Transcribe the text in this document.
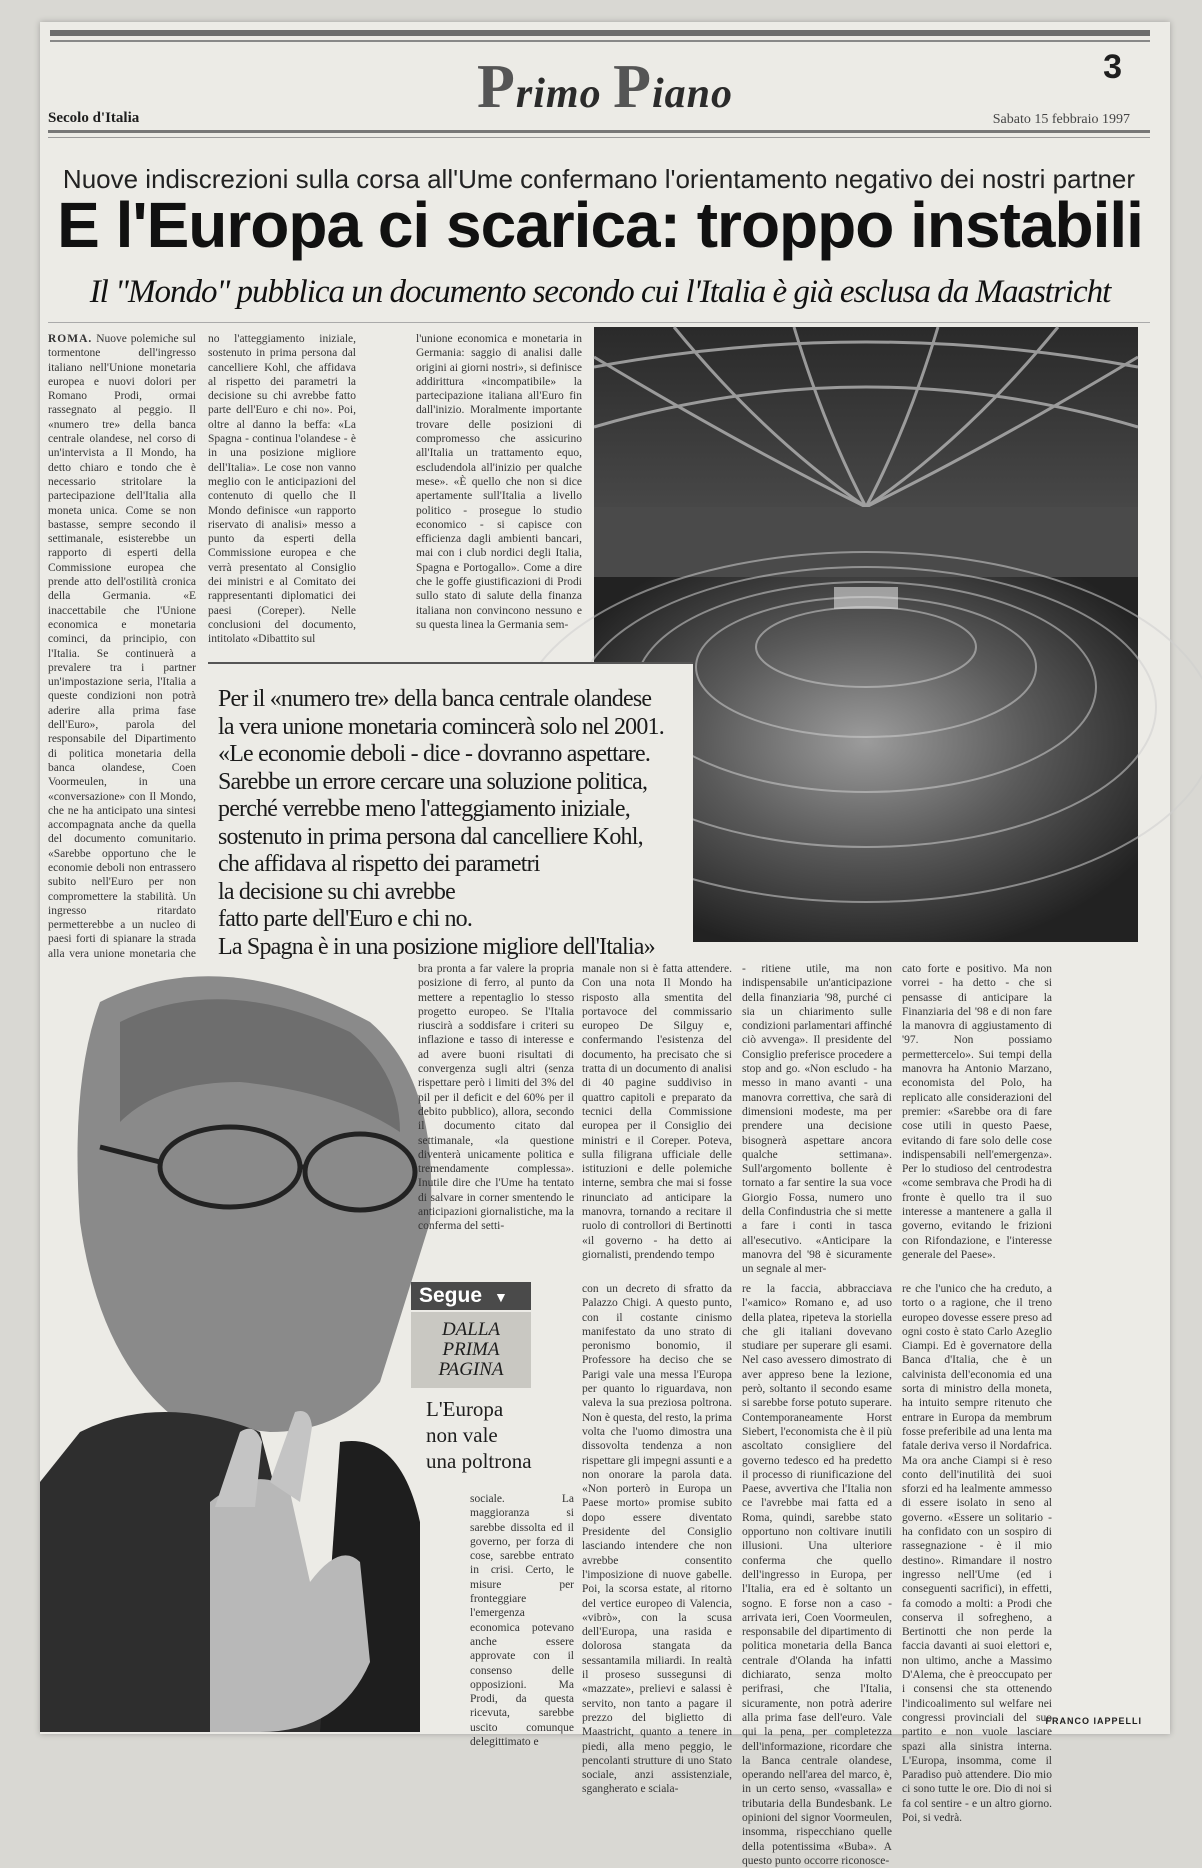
Primo Piano
3
Secolo d'Italia	Sabato 15 febbraio 1997
Nuove indiscrezioni sulla corsa all'Ume confermano l'orientamento negativo dei nostri partner
E l'Europa ci scarica: troppo instabili
Il "Mondo" pubblica un documento secondo cui l'Italia è già esclusa da Maastricht
ROMA. Nuove polemiche sul tormentone dell'ingresso italiano nell'Unione monetaria europea e nuovi dolori per Romano Prodi, ormai rassegnato al peggio. Il «numero tre» della banca centrale olandese, nel corso di un'intervista a Il Mondo, ha detto chiaro e tondo che è necessario stritolare la partecipazione dell'Italia alla moneta unica. Come se non bastasse, sempre secondo il settimanale, esisterebbe un rapporto di esperti della Commissione europea che prende atto dell'ostilità cronica della Germania. «E inaccettabile che l'Unione economica e monetaria cominci, da principio, con l'Italia. Se continuerà a prevalere tra i partner un'impostazione seria, l'Italia a queste condizioni non potrà aderire alla prima fase dell'Euro», parola del responsabile del Dipartimento di politica monetaria della banca olandese, Coen Voormeulen, in una «conversazione» con Il Mondo, che ne ha anticipato una sintesi accompagnata anche da quella del documento comunitario. «Sarebbe opportuno che le economie deboli non entrassero subito nell'Euro per non compromettere la stabilità. Un ingresso ritardato permetterebbe a un nucleo di paesi forti di spianare la strada alla vera unione monetaria che
no l'atteggiamento iniziale, sostenuto in prima persona dal cancelliere Kohl, che affidava al rispetto dei parametri la decisione su chi avrebbe fatto parte dell'Euro e chi no». Poi, oltre al danno la beffa: «La Spagna - continua l'olandese - è in una posizione migliore dell'Italia». Le cose non vanno meglio con le anticipazioni del contenuto di quello che Il Mondo definisce «un rapporto riservato di analisi» messo a punto da esperti della Commissione europea e che verrà presentato al Consiglio dei ministri e al Comitato dei rappresentanti diplomatici dei paesi (Coreper). Nelle conclusioni del documento, intitolato «Dibattito sul
l'unione economica e monetaria in Germania: saggio di analisi dalle origini ai giorni nostri», si definisce addirittura «incompatibile» la partecipazione italiana all'Euro fin dall'inizio. Moralmente importante trovare delle posizioni di compromesso che assicurino all'Italia un trattamento equo, escludendola all'inizio per qualche mese». «È quello che non si dice apertamente sull'Italia a livello politico - prosegue lo studio economico - si capisce con efficienza dagli ambienti bancari, mai con i club nordici degli Italia, Spagna e Portogallo». Come a dire che le goffe giustificazioni di Prodi sullo stato di salute della finanza italiana non convincono nessuno e su questa linea la Germania sem-
Per il «numero tre» della banca centrale olandese
la vera unione monetaria comincerà solo nel 2001.
«Le economie deboli - dice - dovranno aspettare.
Sarebbe un errore cercare una soluzione politica,
perché verrebbe meno l'atteggiamento iniziale,
sostenuto in prima persona dal cancelliere Kohl,
che affidava al rispetto dei parametri
la decisione su chi avrebbe
fatto parte dell'Euro e chi no.
La Spagna è in una posizione migliore dell'Italia»
bra pronta a far valere la propria posizione di ferro, al punto da mettere a repentaglio lo stesso progetto europeo. Se l'Italia riuscirà a soddisfare i criteri su inflazione e tasso di interesse e ad avere buoni risultati di convergenza sugli altri (senza rispettare però i limiti del 3% del pil per il deficit e del 60% per il debito pubblico), allora, secondo il documento citato dal settimanale, «la questione diventerà unicamente politica e tremendamente complessa». Inutile dire che l'Ume ha tentato di salvare in corner smentendo le anticipazioni giornalistiche, ma la conferma del setti-
manale non si è fatta attendere. Con una nota Il Mondo ha risposto alla smentita del portavoce del commissario europeo De Silguy e, confermando l'esistenza del documento, ha precisato che si tratta di un documento di analisi di 40 pagine suddiviso in quattro capitoli e preparato da tecnici della Commissione europea per il Consiglio dei ministri e il Coreper. Poteva, sulla filigrana ufficiale delle istituzioni e delle polemiche interne, sembra che mai si fosse rinunciato ad anticipare la manovra, tornando a recitare il ruolo di controllori di Bertinotti «il governo - ha detto ai giornalisti, prendendo tempo
- ritiene utile, ma non indispensabile un'anticipazione della finanziaria '98, purché ci sia un chiarimento sulle condizioni parlamentari affinché ciò avvenga». Il presidente del Consiglio preferisce procedere a stop and go. «Non escludo - ha messo in mano avanti - una manovra correttiva, che sarà di dimensioni modeste, ma per prendere una decisione bisognerà aspettare ancora qualche settimana». Sull'argomento bollente è tornato a far sentire la sua voce Giorgio Fossa, numero uno della Confindustria che si mette a fare i conti in tasca all'esecutivo. «Anticipare la manovra del '98 è sicuramente un segnale al mer-
cato forte e positivo. Ma non vorrei - ha detto - che si pensasse di anticipare la Finanziaria del '98 e di non fare la manovra di aggiustamento di '97. Non possiamo permettercelo». Sui tempi della manovra ha Antonio Marzano, economista del Polo, ha replicato alle considerazioni del premier: «Sarebbe ora di fare cose utili in questo Paese, evitando di fare solo delle cose indispensabili nell'emergenza». Per lo studioso del centrodestra «come sembrava che Prodi ha di fronte è quello tra il suo interesse a mantenere a galla il governo, evitando le frizioni con Rifondazione, e l'interesse generale del Paese».
Segue ▼
DALLA
PRIMA
PAGINA
L'Europa
non vale
una poltrona
sociale. La maggioranza si sarebbe dissolta ed il governo, per forza di cose, sarebbe entrato in crisi. Certo, le misure per fronteggiare l'emergenza economica potevano anche essere approvate con il consenso delle opposizioni. Ma Prodi, da questa ricevuta, sarebbe uscito comunque delegittimato e
con un decreto di sfratto da Palazzo Chigi. A questo punto, con il costante cinismo manifestato da uno strato di peronismo bonomio, il Professore ha deciso che se Parigi vale una messa l'Europa per quanto lo riguardava, non valeva la sua preziosa poltrona. Non è questa, del resto, la prima volta che l'uomo dimostra una dissovolta tendenza a non rispettare gli impegni assunti e a non onorare la parola data. «Non porterò in Europa un Paese morto» promise subito dopo essere diventato Presidente del Consiglio lasciando intendere che non avrebbe consentito l'imposizione di nuove gabelle. Poi, la scorsa estate, al ritorno del vertice europeo di Valencia, «vibrò», con la scusa dell'Europa, una rasida e dolorosa stangata da sessantamila miliardi. In realtà il proseso sussegunsi di «mazzate», prelievi e salassi è servito, non tanto a pagare il prezzo del biglietto di Maastricht, quanto a tenere in piedi, alla meno peggio, le pencolanti strutture di uno Stato sociale, anzi assistenziale, sgangherato e sciala-
re la faccia, abbracciava l'«amico» Romano e, ad uso della platea, ripeteva la storiella che gli italiani dovevano studiare per superare gli esami. Nel caso avessero dimostrato di aver appreso bene la lezione, però, soltanto il secondo esame si sarebbe forse potuto superare. Contemporaneamente Horst Siebert, l'economista che è il più ascoltato consigliere del governo tedesco ed ha predetto il processo di riunificazione del Paese, avvertiva che l'Italia non ce l'avrebbe mai fatta ed a Roma, quindi, sarebbe stato opportuno non coltivare inutili illusioni. Una ulteriore conferma che quello dell'ingresso in Europa, per l'Italia, era ed è soltanto un sogno. E forse non a caso - arrivata ieri, Coen Voormeulen, responsabile del dipartimento di politica monetaria della Banca centrale d'Olanda ha infatti dichiarato, senza molto perifrasi, che l'Italia, sicuramente, non potrà aderire alla prima fase dell'euro. Vale qui la pena, per completezza dell'informazione, ricordare che la Banca centrale olandese, operando nell'area del marco, è, in un certo senso, «vassalla» e tributaria della Bundesbank. Le opinioni del signor Voormeulen, insomma, rispecchiano quelle della potentissima «Buba». A questo punto occorre riconosce-
re che l'unico che ha creduto, a torto o a ragione, che il treno europeo dovesse essere preso ad ogni costo è stato Carlo Azeglio Ciampi. Ed è governatore della Banca d'Italia, che è un calvinista dell'economia ed una sorta di ministro della moneta, ha intuito sempre ritenuto che entrare in Europa da membrum fosse preferibile ad una lenta ma fatale deriva verso il Nordafrica. Ma ora anche Ciampi si è reso conto dell'inutilità dei suoi sforzi ed ha lealmente ammesso di essere isolato in seno al governo. «Essere un solitario - ha confidato con un sospiro di rassegnazione - è il mio destino». Rimandare il nostro ingresso nell'Ume (ed i conseguenti sacrifici), in effetti, fa comodo a molti: a Prodi che conserva il sofregheno, a Bertinotti che non perde la faccia davanti ai suoi elettori e, non ultimo, anche a Massimo D'Alema, che è preoccupato per i consensi che sta ottenendo l'indicoalimento sul welfare nei congressi provinciali del suo partito e non vuole lasciare spazi alla sinistra interna. L'Europa, insomma, come il Paradiso può attendere. Dio mio ci sono tutte le ore. Dio di noi si fa col sentire - e un altro giorno. Poi, si vedrà.
FRANCO IAPPELLI
